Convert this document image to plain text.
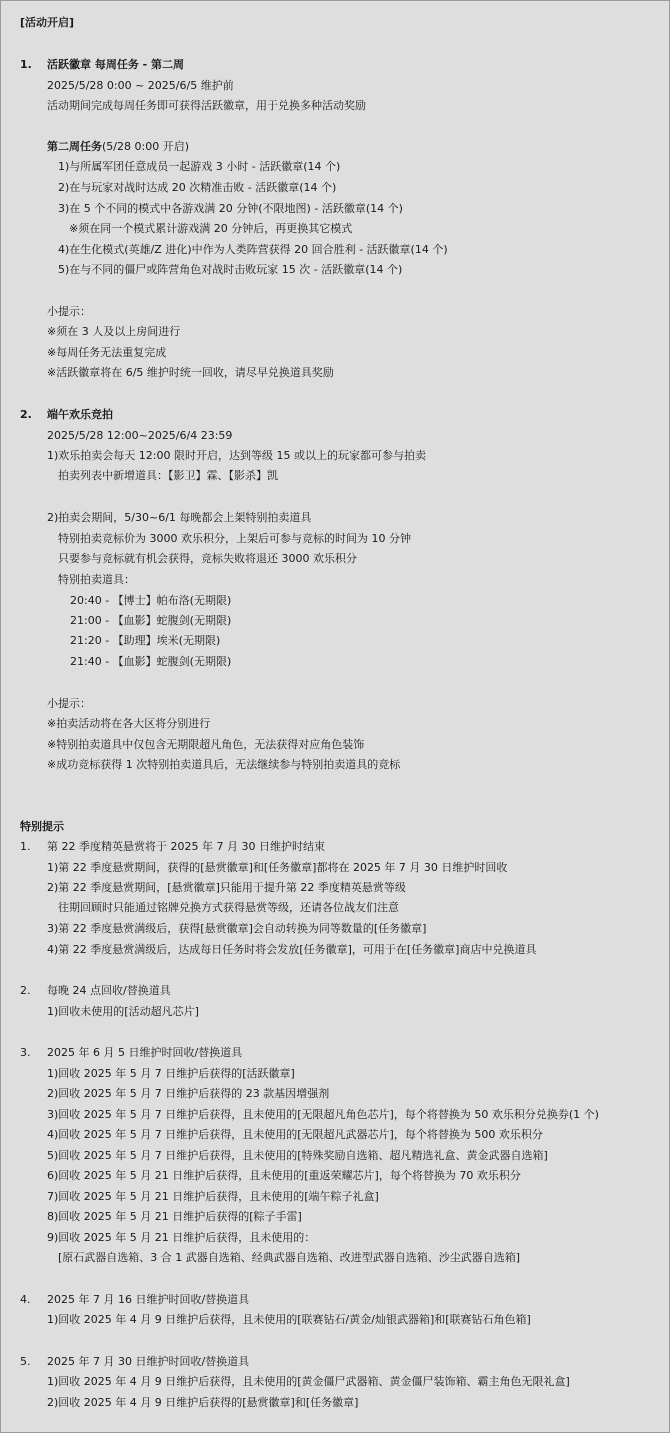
[活动开启]
1. 活跃徽章 每周任务 - 第二周
2025/5/28 0:00 ~ 2025/6/5 维护前
活动期间完成每周任务即可获得活跃徽章，用于兑换多种活动奖励
第二周任务(5/28 0:00 开启)
1)与所属军团任意成员一起游戏 3 小时 - 活跃徽章(14 个)
2)在与玩家对战时达成 20 次精准击败 - 活跃徽章(14 个)
3)在 5 个不同的模式中各游戏满 20 分钟(不限地图) - 活跃徽章(14 个)
※须在同一个模式累计游戏满 20 分钟后，再更换其它模式
4)在生化模式(英雄/Z 进化)中作为人类阵营获得 20 回合胜利 - 活跃徽章(14 个)
5)在与不同的僵尸或阵营角色对战时击败玩家 15 次 - 活跃徽章(14 个)
小提示：
※须在 3 人及以上房间进行
※每周任务无法重复完成
※活跃徽章将在 6/5 维护时统一回收，请尽早兑换道具奖励
2. 端午欢乐竞拍
2025/5/28 12:00~2025/6/4 23:59
1)欢乐拍卖会每天 12:00 限时开启，达到等级 15 或以上的玩家都可参与拍卖
拍卖列表中新增道具：【影卫】霖、【影杀】凯
2)拍卖会期间，5/30~6/1 每晚都会上架特别拍卖道具
特别拍卖竞标价为 3000 欢乐积分，上架后可参与竞标的时间为 10 分钟
只要参与竞标就有机会获得，竞标失败将退还 3000 欢乐积分
特别拍卖道具：
20:40 - 【博士】帕布洛(无期限)
21:00 - 【血影】蛇腹剑(无期限)
21:20 - 【助理】埃米(无期限)
21:40 - 【血影】蛇腹剑(无期限)
小提示：
※拍卖活动将在各大区将分别进行
※特别拍卖道具中仅包含无期限超凡角色，无法获得对应角色装饰
※成功竞标获得 1 次特别拍卖道具后，无法继续参与特别拍卖道具的竞标
特别提示
1. 第 22 季度精英悬赏将于 2025 年 7 月 30 日维护时结束
1)第 22 季度悬赏期间，获得的[悬赏徽章]和[任务徽章]都将在 2025 年 7 月 30 日维护时回收
2)第 22 季度悬赏期间，[悬赏徽章]只能用于提升第 22 季度精英悬赏等级
往期回顾时只能通过铭牌兑换方式获得悬赏等级，还请各位战友们注意
3)第 22 季度悬赏满级后，获得[悬赏徽章]会自动转换为同等数量的[任务徽章]
4)第 22 季度悬赏满级后，达成每日任务时将会发放[任务徽章]，可用于在[任务徽章]商店中兑换道具
2. 每晚 24 点回收/替换道具
1)回收未使用的[活动超凡芯片]
3. 2025 年 6 月 5 日维护时回收/替换道具
1)回收 2025 年 5 月 7 日维护后获得的[活跃徽章]
2)回收 2025 年 5 月 7 日维护后获得的 23 款基因增强剂
3)回收 2025 年 5 月 7 日维护后获得，且未使用的[无限超凡角色芯片]，每个将替换为 50 欢乐积分兑换券(1 个)
4)回收 2025 年 5 月 7 日维护后获得，且未使用的[无限超凡武器芯片]，每个将替换为 500 欢乐积分
5)回收 2025 年 5 月 7 日维护后获得，且未使用的[特殊奖励自选箱、超凡精选礼盒、黄金武器自选箱]
6)回收 2025 年 5 月 21 日维护后获得，且未使用的[重返荣耀芯片]，每个将替换为 70 欢乐积分
7)回收 2025 年 5 月 21 日维护后获得，且未使用的[端午粽子礼盒]
8)回收 2025 年 5 月 21 日维护后获得的[粽子手雷]
9)回收 2025 年 5 月 21 日维护后获得，且未使用的：
[原石武器自选箱、3 合 1 武器自选箱、经典武器自选箱、改进型武器自选箱、沙尘武器自选箱]
4. 2025 年 7 月 16 日维护时回收/替换道具
1)回收 2025 年 4 月 9 日维护后获得，且未使用的[联赛钻石/黄金/灿银武器箱]和[联赛钻石角色箱]
5. 2025 年 7 月 30 日维护时回收/替换道具
1)回收 2025 年 4 月 9 日维护后获得，且未使用的[黄金僵尸武器箱、黄金僵尸装饰箱、霸主角色无限礼盒]
2)回收 2025 年 4 月 9 日维护后获得的[悬赏徽章]和[任务徽章]
